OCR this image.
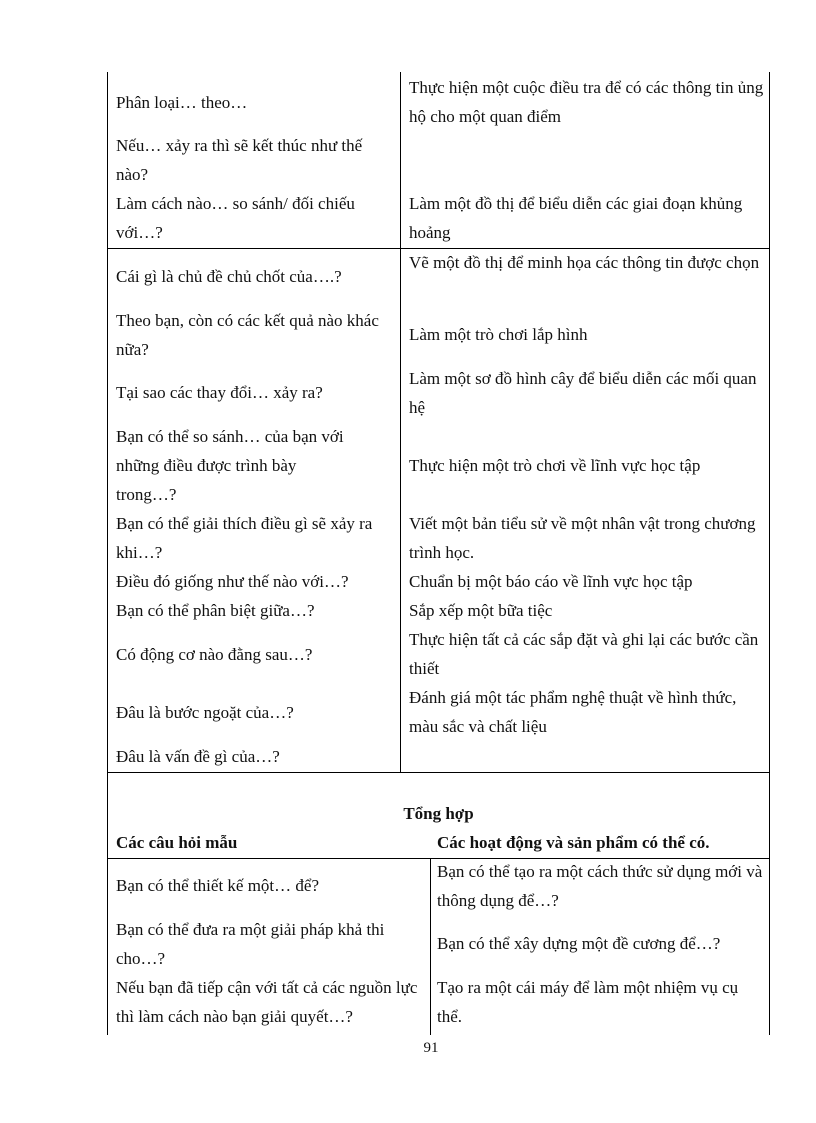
Phân loại… theo…
Nếu… xảy ra thì sẽ kết thúc như thế nào?
Làm cách nào… so sánh/ đối chiếu với…?
Thực hiện một cuộc điều tra để có các thông tin ủng hộ cho một quan điểm
Làm một đồ thị để biểu diễn các giai đoạn khủng hoảng
Cái gì là chủ đề chủ chốt của….?
Theo bạn, còn có các kết quả nào khác nữa?
Tại sao các thay đổi… xảy ra?
Bạn có thể so sánh… của bạn với những điều được trình bày trong…?
Bạn có thể giải thích điều gì sẽ xảy ra khi…?
Điều đó giống như thế nào với…?
Bạn có thể phân biệt giữa…?
Có động cơ nào đằng sau…?
Đâu là bước ngoặt của…?
Đâu là vấn đề gì của…?
Vẽ một đồ thị để minh họa các thông tin được chọn
Làm một trò chơi lắp hình
Làm một sơ đồ hình cây để biểu diễn các mối quan hệ
Thực hiện một trò chơi về lĩnh vực học tập
Viết một bản tiểu sử về một nhân vật trong chương trình học.
Chuẩn bị một báo cáo về lĩnh vực học tập
Sắp xếp một bữa tiệc
Thực hiện tất cả các sắp đặt và ghi lại các bước cần thiết
Đánh giá một tác phẩm nghệ thuật về hình thức, màu sắc và chất liệu
Tổng hợp
Các câu hỏi mẫu	Các hoạt động và sản phẩm có thể có.
Bạn có thể thiết kế một… để?
Bạn có thể đưa ra một giải pháp khả thi cho…?
Nếu bạn đã tiếp cận với tất cả các nguồn lực thì làm cách nào bạn giải quyết…?
Bạn có thể tạo ra một cách thức sử dụng mới và thông dụng để…?
Bạn có thể xây dựng một đề cương để…?
Tạo ra một cái máy để làm một nhiệm vụ cụ thể.
91
